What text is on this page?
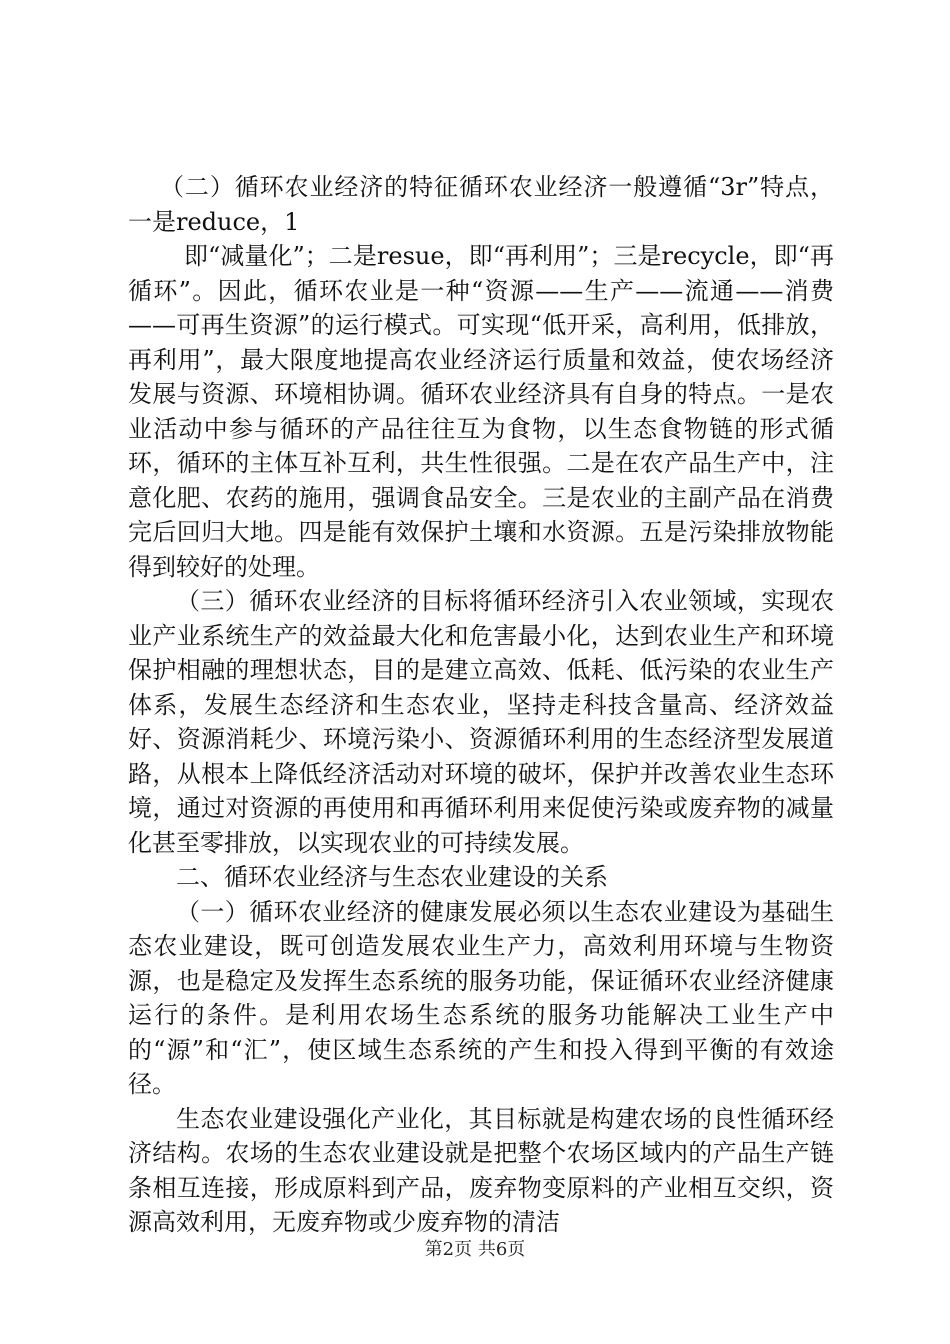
（二）循环农业经济的特征循环农业经济一般遵循“3r”特点，一是reduce，1

即“减量化”；二是resue，即“再利用”；三是recycle，即“再循环”。因此，循环农业是一种“资源——生产——流通——消费——可再生资源”的运行模式。可实现“低开采，高利用，低排放，再利用”，最大限度地提高农业经济运行质量和效益，使农场经济发展与资源、环境相协调。循环农业经济具有自身的特点。一是农业活动中参与循环的产品往往互为食物，以生态食物链的形式循环，循环的主体互补互利，共生性很强。二是在农产品生产中，注意化肥、农药的施用，强调食品安全。三是农业的主副产品在消费完后回归大地。四是能有效保护土壤和水资源。五是污染排放物能得到较好的处理。

（三）循环农业经济的目标将循环经济引入农业领域，实现农业产业系统生产的效益最大化和危害最小化，达到农业生产和环境保护相融的理想状态，目的是建立高效、低耗、低污染的农业生产体系，发展生态经济和生态农业，坚持走科技含量高、经济效益好、资源消耗少、环境污染小、资源循环利用的生态经济型发展道路，从根本上降低经济活动对环境的破坏，保护并改善农业生态环境，通过对资源的再使用和再循环利用来促使污染或废弃物的减量化甚至零排放，以实现农业的可持续发展。

二、循环农业经济与生态农业建设的关系

（一）循环农业经济的健康发展必须以生态农业建设为基础生态农业建设，既可创造发展农业生产力，高效利用环境与生物资源，也是稳定及发挥生态系统的服务功能，保证循环农业经济健康运行的条件。是利用农场生态系统的服务功能解决工业生产中的“源”和“汇”，使区域生态系统的产生和投入得到平衡的有效途径。

生态农业建设强化产业化，其目标就是构建农场的良性循环经济结构。农场的生态农业建设就是把整个农场区域内的产品生产链条相互连接，形成原料到产品，废弃物变原料的产业相互交织，资源高效利用，无废弃物或少废弃物的清洁

第2页 共6页
